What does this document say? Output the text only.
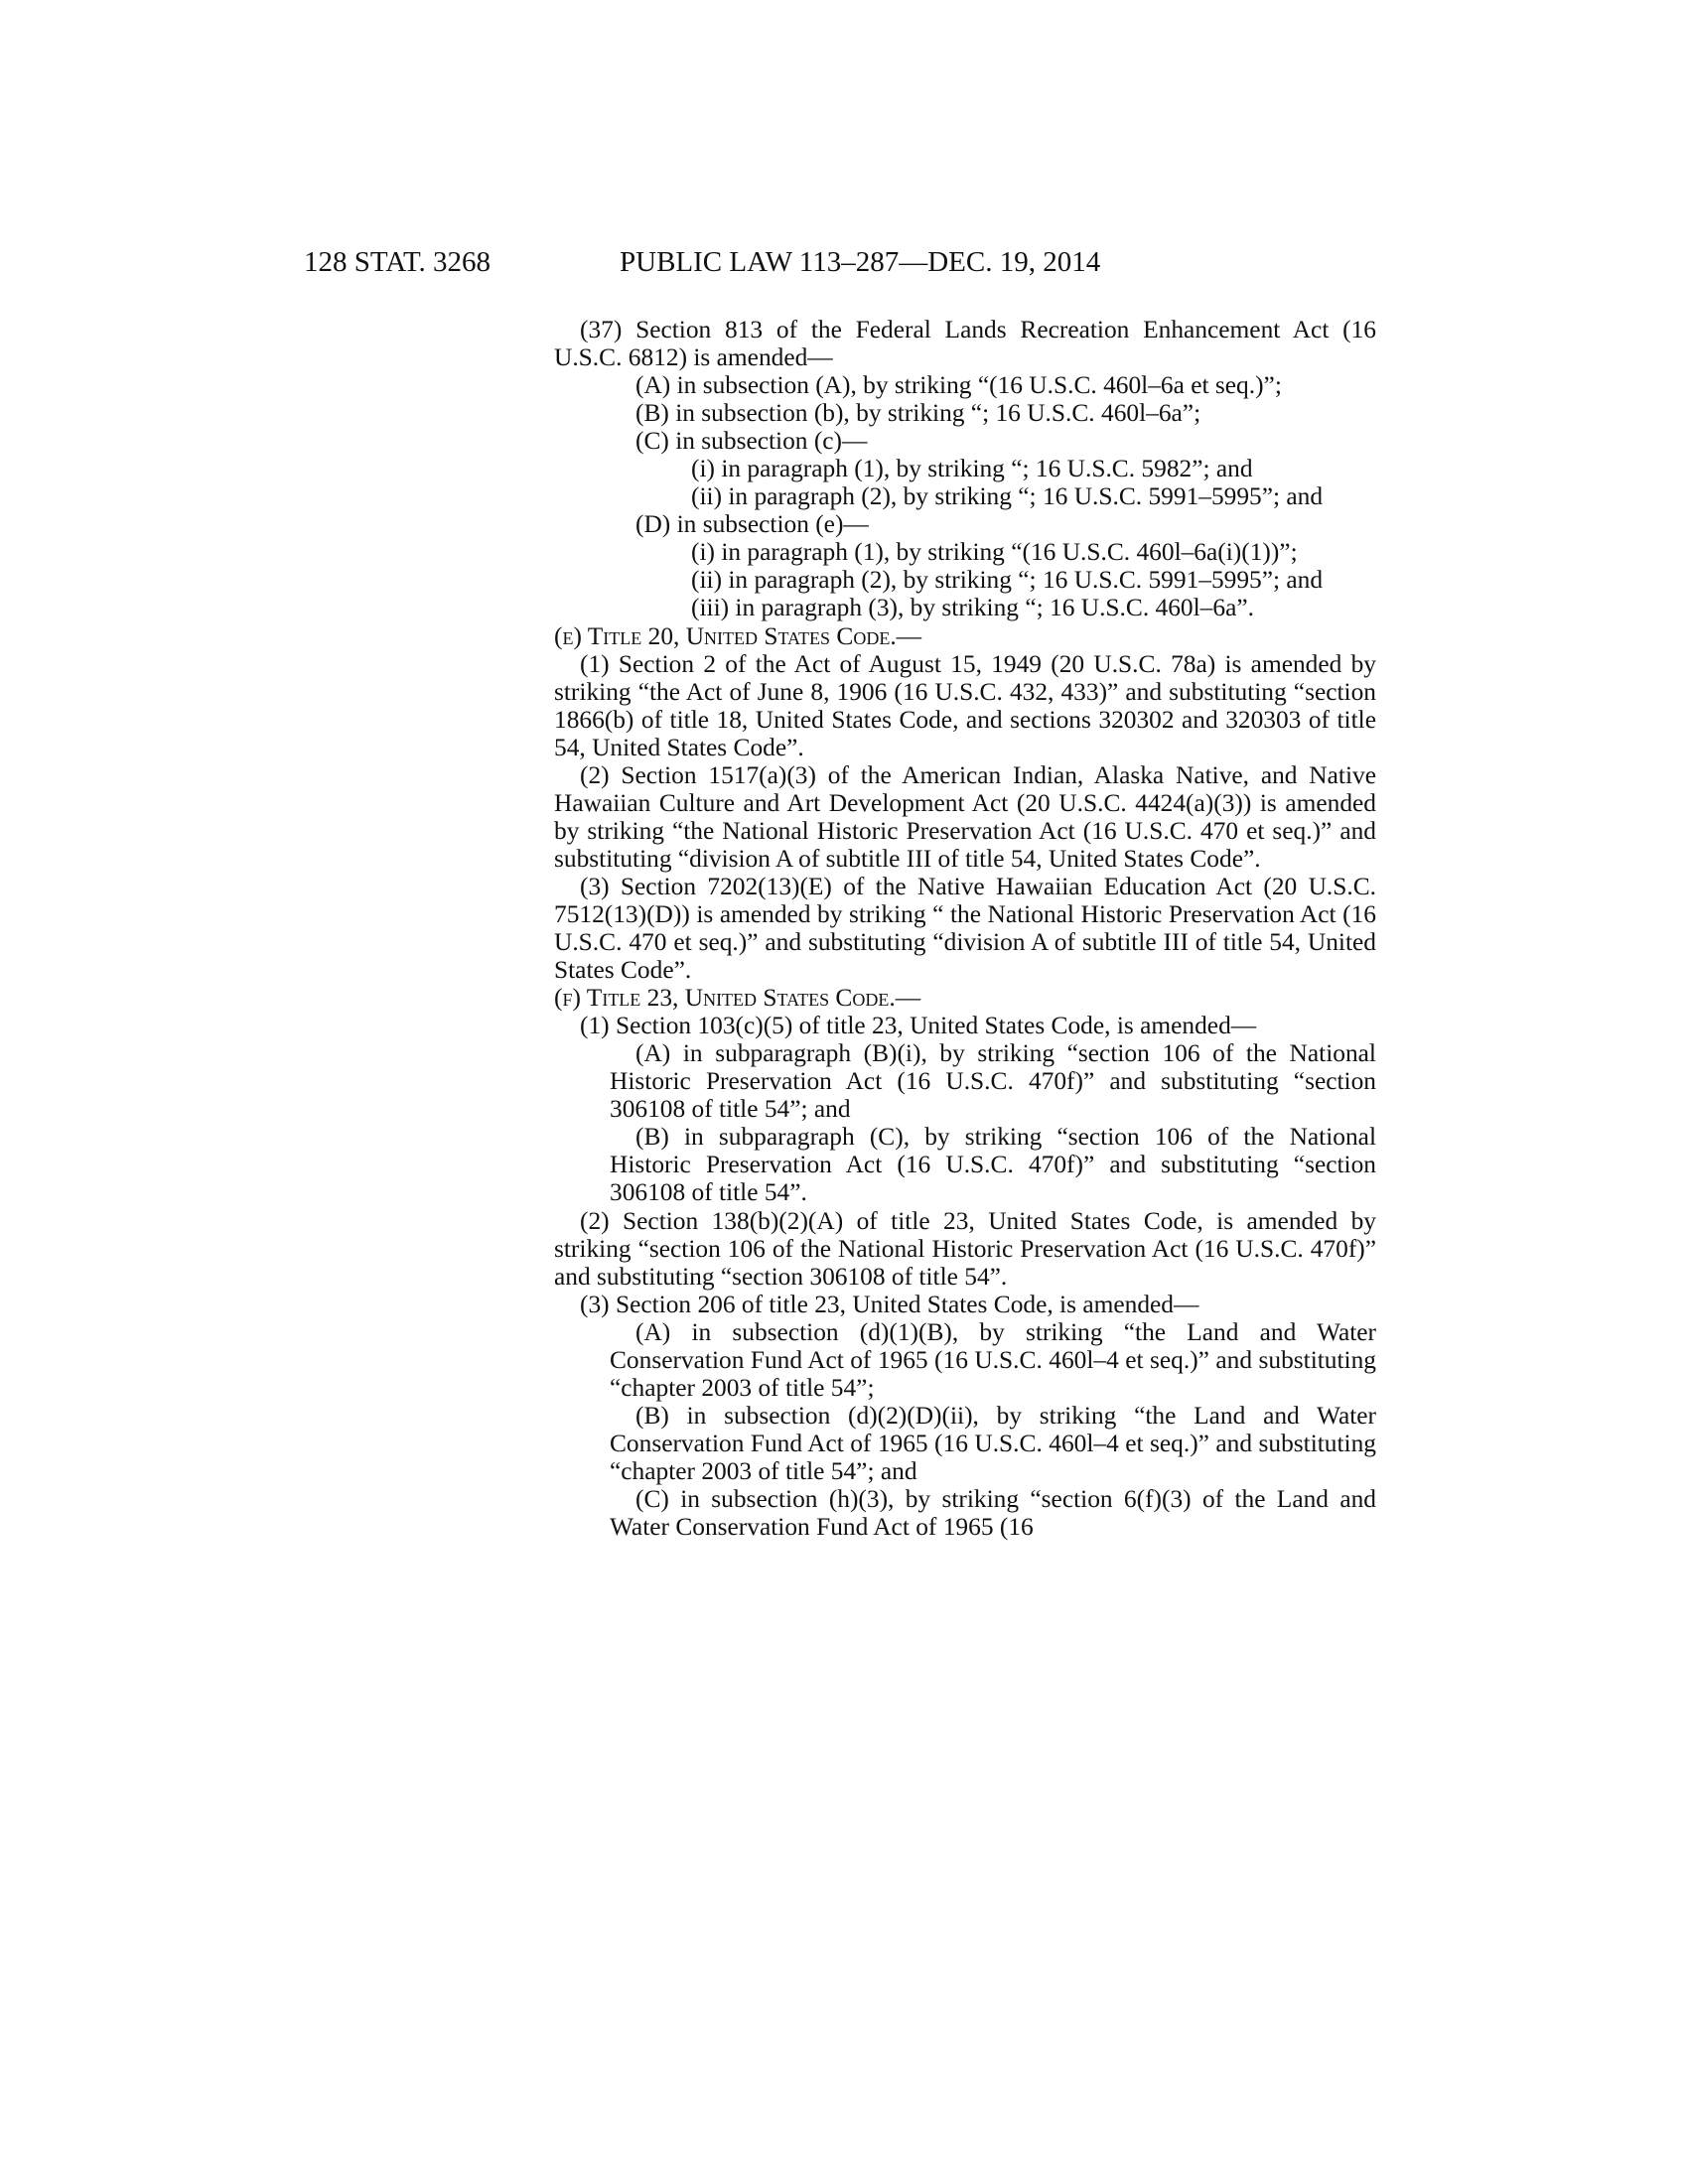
128 STAT. 3268	PUBLIC LAW 113–287—DEC. 19, 2014

(37) Section 813 of the Federal Lands Recreation Enhancement Act (16 U.S.C. 6812) is amended—

(A) in subsection (A), by striking “(16 U.S.C. 460l–6a et seq.)”;

(B) in subsection (b), by striking “; 16 U.S.C. 460l–6a”;

(C) in subsection (c)—

(i) in paragraph (1), by striking “; 16 U.S.C. 5982”; and

(ii) in paragraph (2), by striking “; 16 U.S.C. 5991–5995”; and

(D) in subsection (e)—

(i) in paragraph (1), by striking “(16 U.S.C. 460l–6a(i)(1))”;

(ii) in paragraph (2), by striking “; 16 U.S.C. 5991–5995”; and

(iii) in paragraph (3), by striking “; 16 U.S.C. 460l–6a”.

(e) Title 20, United States Code.—

(1) Section 2 of the Act of August 15, 1949 (20 U.S.C. 78a) is amended by striking “the Act of June 8, 1906 (16 U.S.C. 432, 433)” and substituting “section 1866(b) of title 18, United States Code, and sections 320302 and 320303 of title 54, United States Code”.

(2) Section 1517(a)(3) of the American Indian, Alaska Native, and Native Hawaiian Culture and Art Development Act (20 U.S.C. 4424(a)(3)) is amended by striking “the National Historic Preservation Act (16 U.S.C. 470 et seq.)” and substituting “division A of subtitle III of title 54, United States Code”.

(3) Section 7202(13)(E) of the Native Hawaiian Education Act (20 U.S.C. 7512(13)(D)) is amended by striking “ the National Historic Preservation Act (16 U.S.C. 470 et seq.)” and substituting “division A of subtitle III of title 54, United States Code”.

(f) Title 23, United States Code.—

(1) Section 103(c)(5) of title 23, United States Code, is amended—

(A) in subparagraph (B)(i), by striking “section 106 of the National Historic Preservation Act (16 U.S.C. 470f)” and substituting “section 306108 of title 54”; and

(B) in subparagraph (C), by striking “section 106 of the National Historic Preservation Act (16 U.S.C. 470f)” and substituting “section 306108 of title 54”.

(2) Section 138(b)(2)(A) of title 23, United States Code, is amended by striking “section 106 of the National Historic Preservation Act (16 U.S.C. 470f)” and substituting “section 306108 of title 54”.

(3) Section 206 of title 23, United States Code, is amended—

(A) in subsection (d)(1)(B), by striking “the Land and Water Conservation Fund Act of 1965 (16 U.S.C. 460l–4 et seq.)” and substituting “chapter 2003 of title 54”;

(B) in subsection (d)(2)(D)(ii), by striking “the Land and Water Conservation Fund Act of 1965 (16 U.S.C. 460l–4 et seq.)” and substituting “chapter 2003 of title 54”; and

(C) in subsection (h)(3), by striking “section 6(f)(3) of the Land and Water Conservation Fund Act of 1965 (16
